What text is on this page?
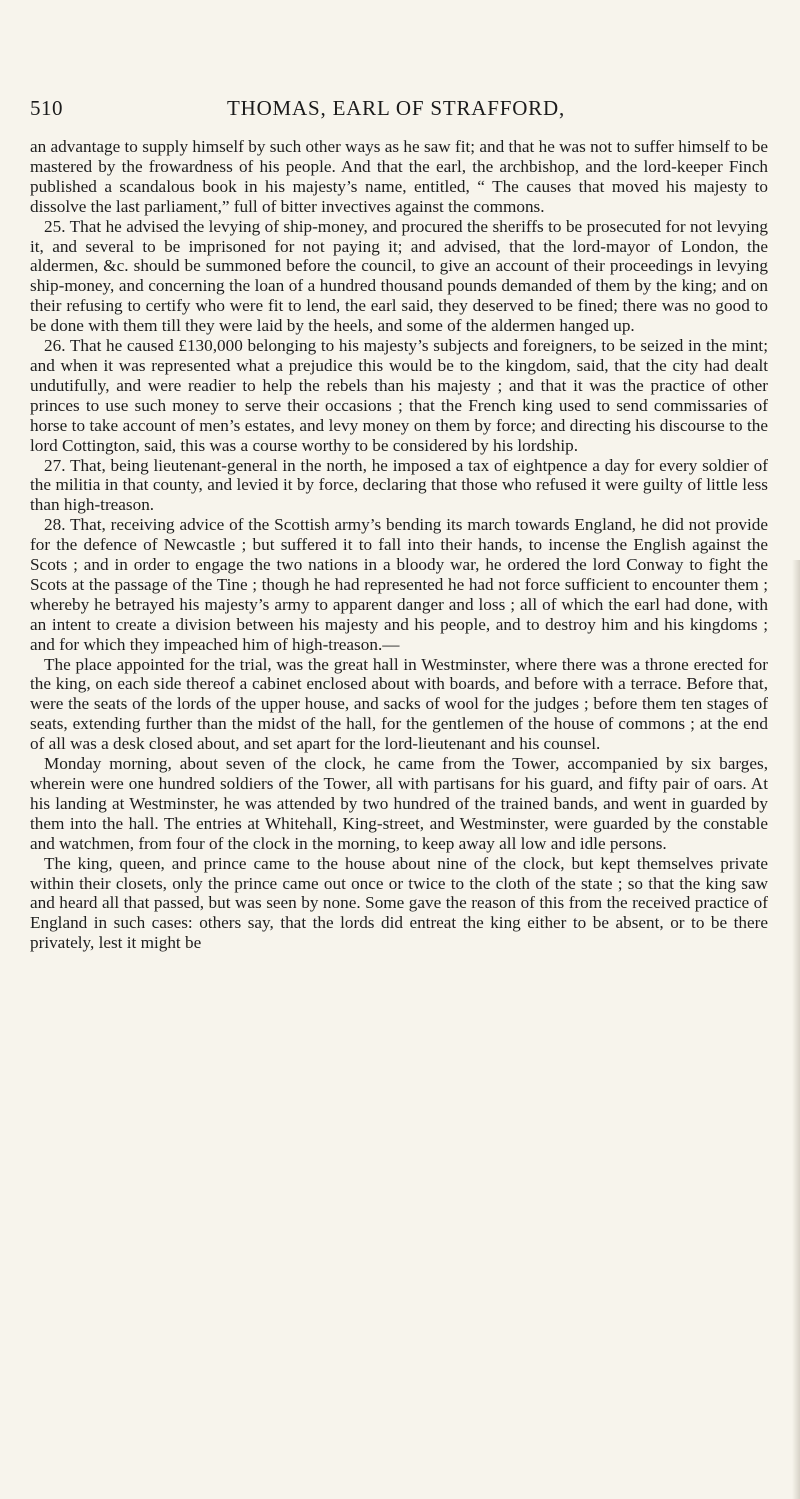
510	THOMAS, EARL OF STRAFFORD,

an advantage to supply himself by such other ways as he saw fit; and that he was not to suffer himself to be mastered by the frowardness of his people. And that the earl, the archbishop, and the lord-keeper Finch published a scandalous book in his majesty’s name, entitled, “ The causes that moved his majesty to dissolve the last parliament,” full of bitter invectives against the commons.

25. That he advised the levying of ship-money, and procured the sheriffs to be prosecuted for not levying it, and several to be imprisoned for not paying it; and advised, that the lord-mayor of London, the aldermen, &c. should be summoned before the council, to give an account of their proceedings in levying ship-money, and concerning the loan of a hundred thousand pounds demanded of them by the king; and on their refusing to certify who were fit to lend, the earl said, they deserved to be fined; there was no good to be done with them till they were laid by the heels, and some of the aldermen hanged up.

26. That he caused £130,000 belonging to his majesty’s subjects and foreigners, to be seized in the mint; and when it was represented what a prejudice this would be to the kingdom, said, that the city had dealt undutifully, and were readier to help the rebels than his majesty ; and that it was the practice of other princes to use such money to serve their occasions ; that the French king used to send commissaries of horse to take account of men’s estates, and levy money on them by force; and directing his discourse to the lord Cottington, said, this was a course worthy to be considered by his lordship.

27. That, being lieutenant-general in the north, he imposed a tax of eightpence a day for every soldier of the militia in that county, and levied it by force, declaring that those who refused it were guilty of little less than high-treason.

28. That, receiving advice of the Scottish army’s bending its march towards England, he did not provide for the defence of Newcastle ; but suffered it to fall into their hands, to incense the English against the Scots ; and in order to engage the two nations in a bloody war, he ordered the lord Conway to fight the Scots at the passage of the Tine ; though he had represented he had not force sufficient to encounter them ; whereby he betrayed his majesty’s army to apparent danger and loss ; all of which the earl had done, with an intent to create a division between his majesty and his people, and to destroy him and his kingdoms ; and for which they impeached him of high-treason.—

The place appointed for the trial, was the great hall in Westminster, where there was a throne erected for the king, on each side thereof a cabinet enclosed about with boards, and before with a terrace. Before that, were the seats of the lords of the upper house, and sacks of wool for the judges ; before them ten stages of seats, extending further than the midst of the hall, for the gentlemen of the house of commons ; at the end of all was a desk closed about, and set apart for the lord-lieutenant and his counsel.

Monday morning, about seven of the clock, he came from the Tower, accompanied by six barges, wherein were one hundred soldiers of the Tower, all with partisans for his guard, and fifty pair of oars. At his landing at Westminster, he was attended by two hundred of the trained bands, and went in guarded by them into the hall. The entries at Whitehall, King-street, and Westminster, were guarded by the constable and watchmen, from four of the clock in the morning, to keep away all low and idle persons.

The king, queen, and prince came to the house about nine of the clock, but kept themselves private within their closets, only the prince came out once or twice to the cloth of the state ; so that the king saw and heard all that passed, but was seen by none. Some gave the reason of this from the received practice of England in such cases: others say, that the lords did entreat the king either to be absent, or to be there privately, lest it might be
